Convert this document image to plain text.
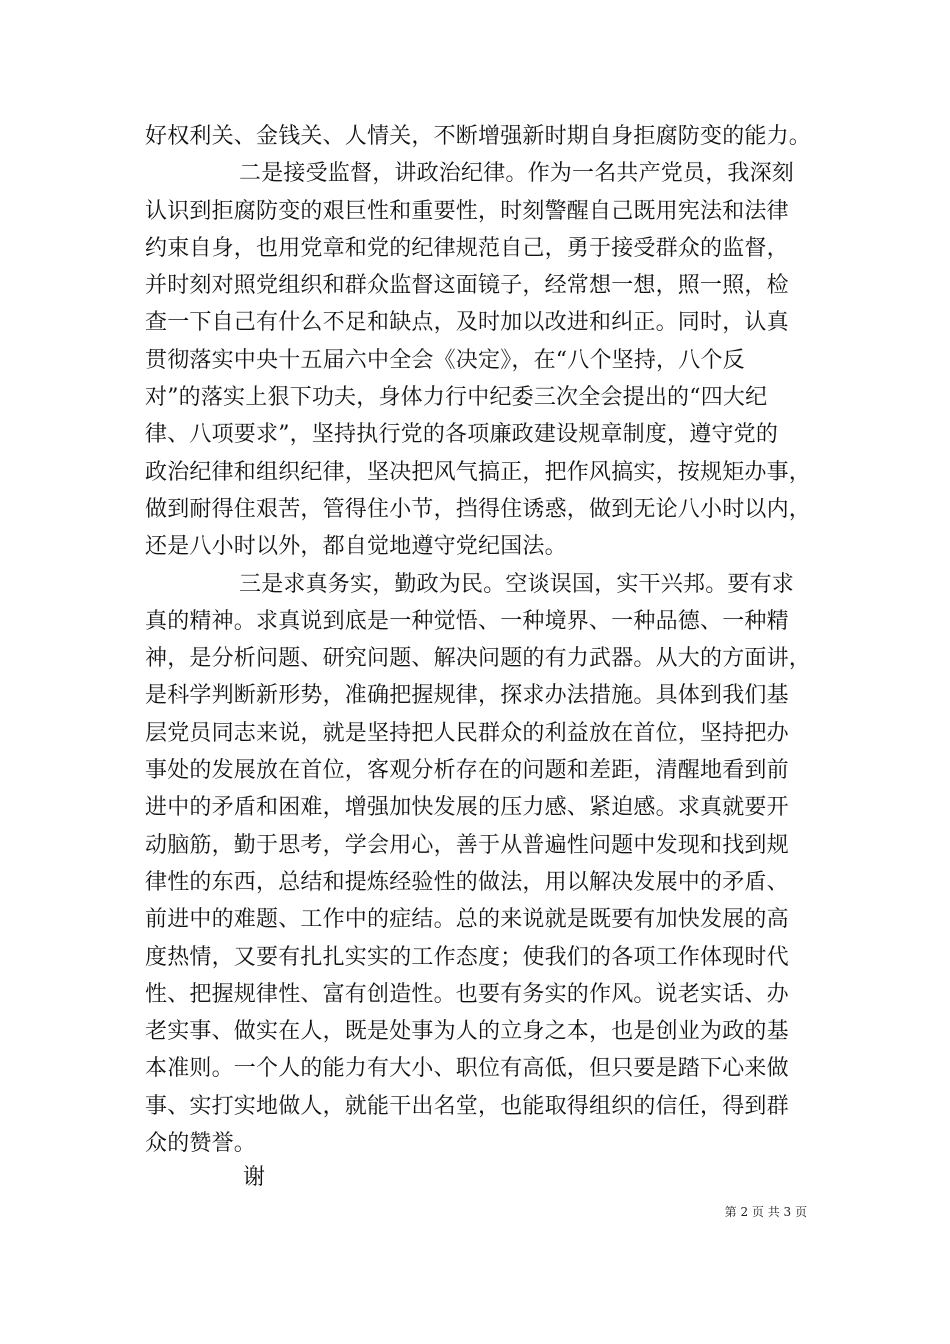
好权利关、金钱关、人情关，不断增强新时期自身拒腐防变的能力。
二是接受监督，讲政治纪律。作为一名共产党员，我深刻
认识到拒腐防变的艰巨性和重要性，时刻警醒自己既用宪法和法律
约束自身，也用党章和党的纪律规范自己，勇于接受群众的监督，
并时刻对照党组织和群众监督这面镜子，经常想一想，照一照，检
查一下自己有什么不足和缺点，及时加以改进和纠正。同时，认真
贯彻落实中央十五届六中全会《决定》，在“八个坚持，八个反
对”的落实上狠下功夫，身体力行中纪委三次全会提出的“四大纪
律、八项要求”，坚持执行党的各项廉政建设规章制度，遵守党的
政治纪律和组织纪律，坚决把风气搞正，把作风搞实，按规矩办事，
做到耐得住艰苦，管得住小节，挡得住诱惑，做到无论八小时以内，
还是八小时以外，都自觉地遵守党纪国法。
三是求真务实，勤政为民。空谈误国，实干兴邦。要有求
真的精神。求真说到底是一种觉悟、一种境界、一种品德、一种精
神，是分析问题、研究问题、解决问题的有力武器。从大的方面讲，
是科学判断新形势，准确把握规律，探求办法措施。具体到我们基
层党员同志来说，就是坚持把人民群众的利益放在首位，坚持把办
事处的发展放在首位，客观分析存在的问题和差距，清醒地看到前
进中的矛盾和困难，增强加快发展的压力感、紧迫感。求真就要开
动脑筋，勤于思考，学会用心，善于从普遍性问题中发现和找到规
律性的东西，总结和提炼经验性的做法，用以解决发展中的矛盾、
前进中的难题、工作中的症结。总的来说就是既要有加快发展的高
度热情，又要有扎扎实实的工作态度；使我们的各项工作体现时代
性、把握规律性、富有创造性。也要有务实的作风。说老实话、办
老实事、做实在人，既是处事为人的立身之本，也是创业为政的基
本准则。一个人的能力有大小、职位有高低，但只要是踏下心来做
事、实打实地做人，就能干出名堂，也能取得组织的信任，得到群
众的赞誉。
谢
第 2 页 共 3 页
